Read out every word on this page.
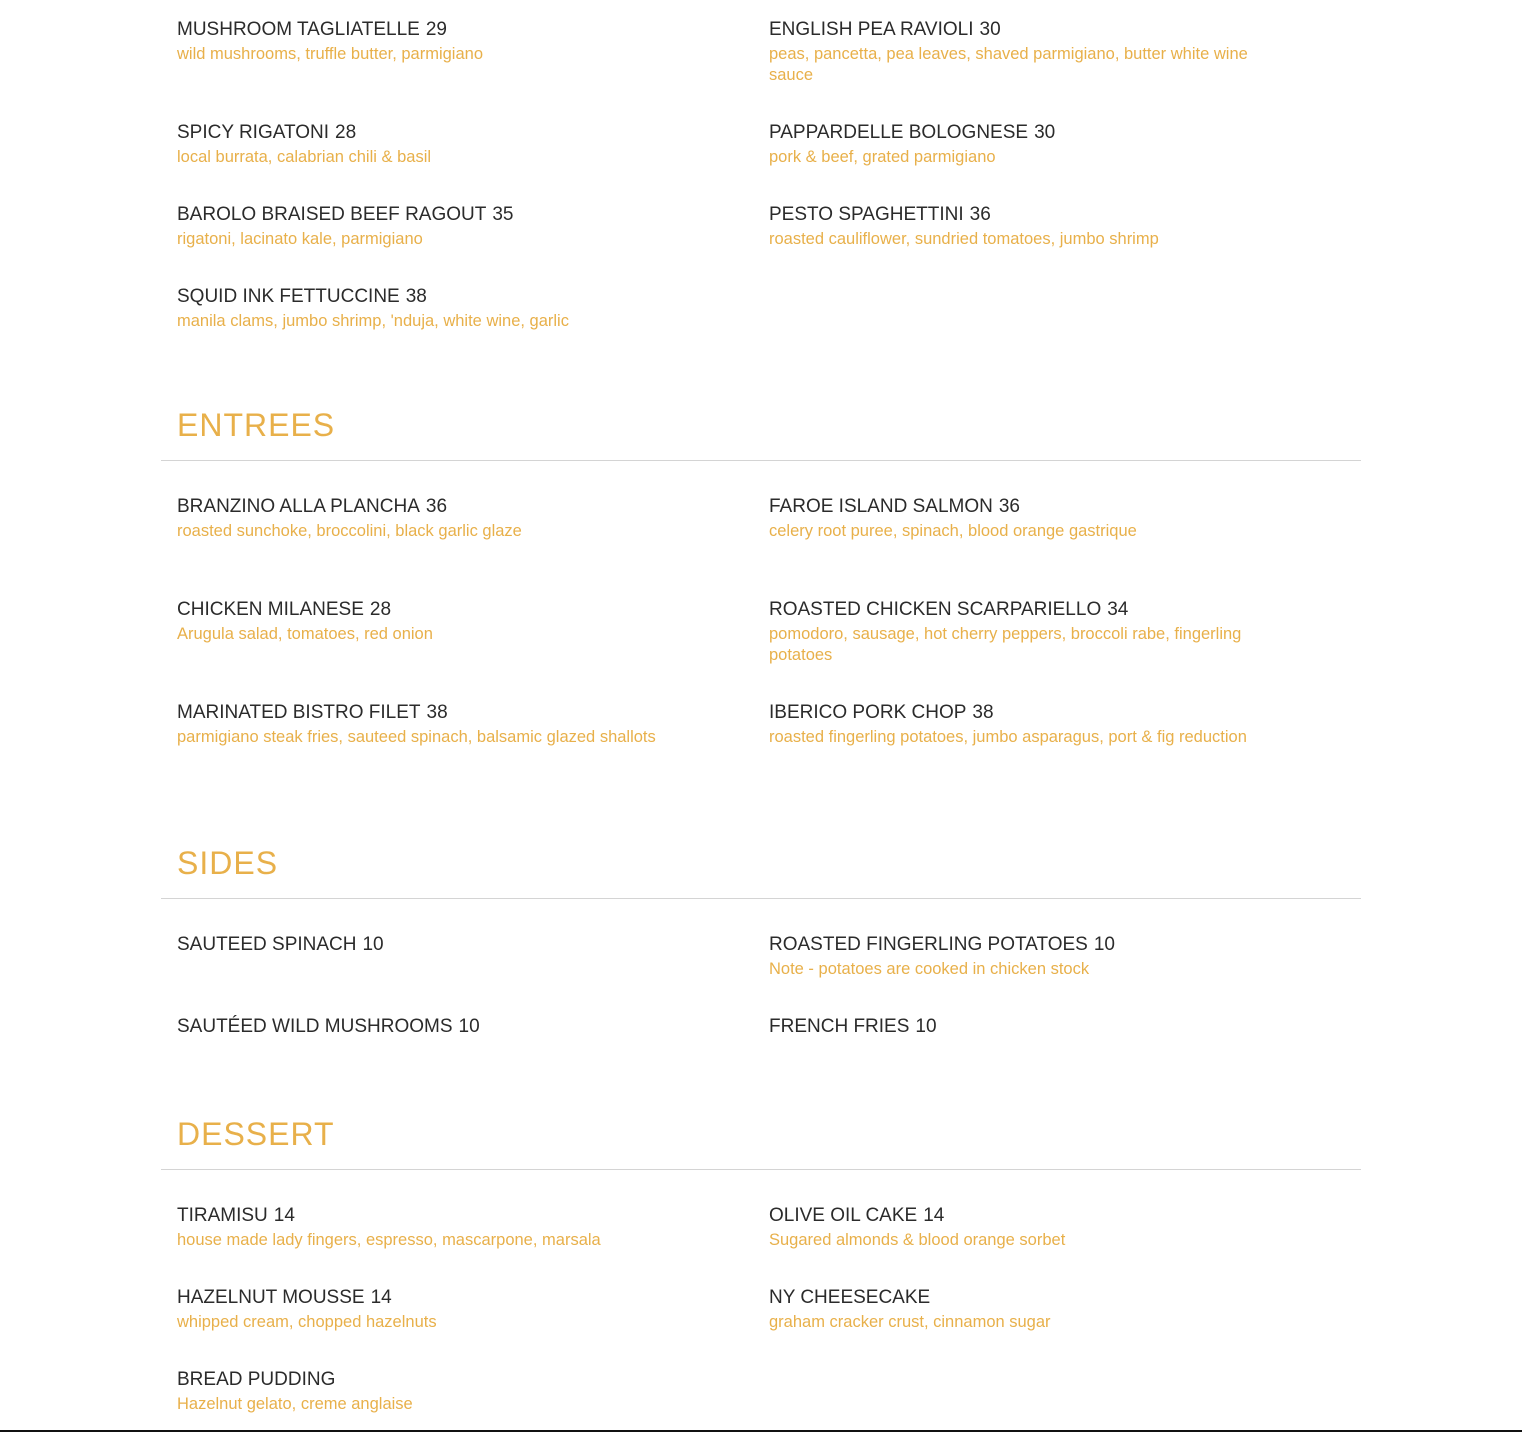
MUSHROOM TAGLIATELLE 29
wild mushrooms, truffle butter, parmigiano
ENGLISH PEA RAVIOLI 30
peas, pancetta, pea leaves, shaved parmigiano, butter white wine sauce
SPICY RIGATONI 28
local burrata, calabrian chili & basil
PAPPARDELLE BOLOGNESE 30
pork & beef, grated parmigiano
BAROLO BRAISED BEEF RAGOUT 35
rigatoni, lacinato kale, parmigiano
PESTO SPAGHETTINI 36
roasted cauliflower, sundried tomatoes, jumbo shrimp
SQUID INK FETTUCCINE 38
manila clams, jumbo shrimp, 'nduja, white wine, garlic
ENTREES
BRANZINO ALLA PLANCHA 36
roasted sunchoke, broccolini, black garlic glaze
FAROE ISLAND SALMON 36
celery root puree, spinach, blood orange gastrique
CHICKEN MILANESE 28
Arugula salad, tomatoes, red onion
ROASTED CHICKEN SCARPARIELLO 34
pomodoro, sausage, hot cherry peppers, broccoli rabe, fingerling potatoes
MARINATED BISTRO FILET 38
parmigiano steak fries, sauteed spinach, balsamic glazed shallots
IBERICO PORK CHOP 38
roasted fingerling potatoes, jumbo asparagus, port & fig reduction
SIDES
SAUTEED SPINACH 10	ROASTED FINGERLING POTATOES 10
Note - potatoes are cooked in chicken stock
SAUTÉED WILD MUSHROOMS 10	FRENCH FRIES 10
DESSERT
TIRAMISU 14
house made lady fingers, espresso, mascarpone, marsala
OLIVE OIL CAKE 14
Sugared almonds & blood orange sorbet
HAZELNUT MOUSSE 14
whipped cream, chopped hazelnuts
NY CHEESECAKE
graham cracker crust, cinnamon sugar
BREAD PUDDING
Hazelnut gelato, creme anglaise
